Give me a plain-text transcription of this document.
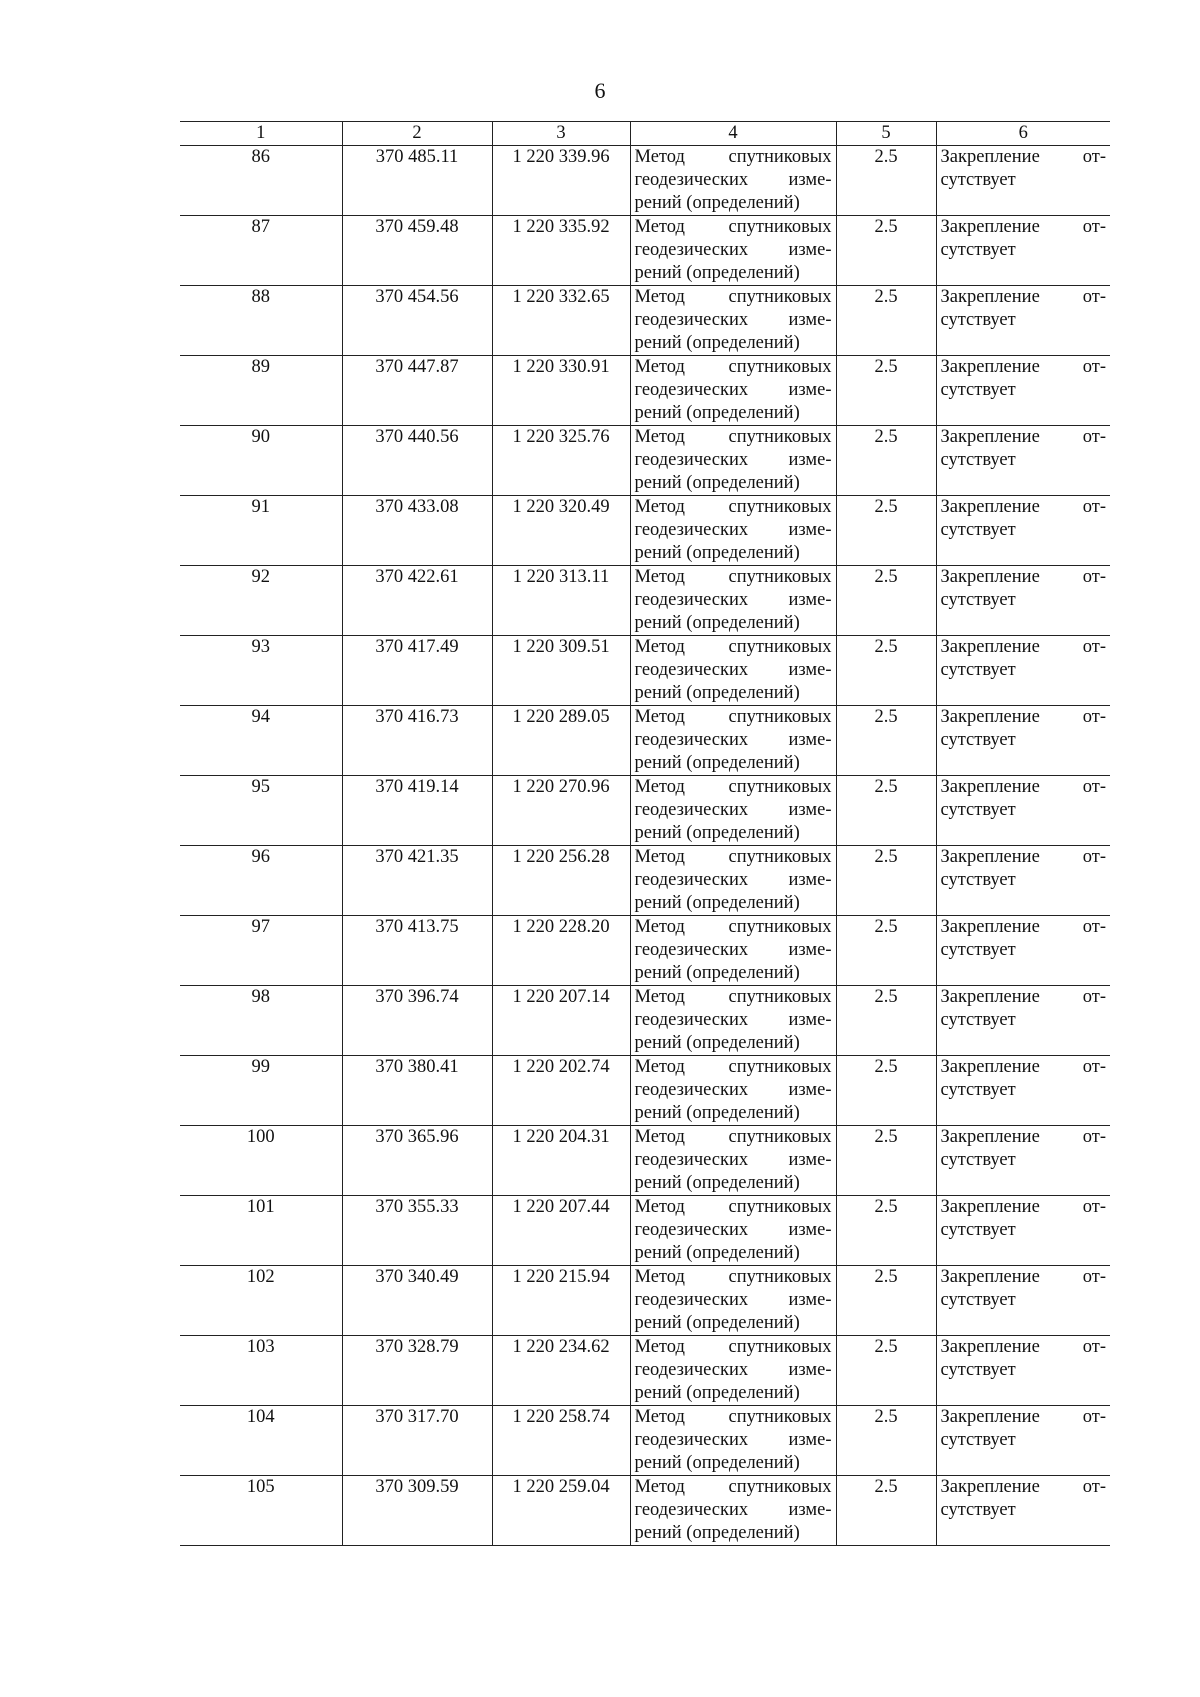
6
1	2	3	4	5	6
86	370 485.11	1 220 339.96	Метод спутниковых геодезических изме-рений (определений)	2.5	Закрепление от-сутствует
87	370 459.48	1 220 335.92	Метод спутниковых геодезических изме-рений (определений)	2.5	Закрепление от-сутствует
88	370 454.56	1 220 332.65	Метод спутниковых геодезических изме-рений (определений)	2.5	Закрепление от-сутствует
89	370 447.87	1 220 330.91	Метод спутниковых геодезических изме-рений (определений)	2.5	Закрепление от-сутствует
90	370 440.56	1 220 325.76	Метод спутниковых геодезических изме-рений (определений)	2.5	Закрепление от-сутствует
91	370 433.08	1 220 320.49	Метод спутниковых геодезических изме-рений (определений)	2.5	Закрепление от-сутствует
92	370 422.61	1 220 313.11	Метод спутниковых геодезических изме-рений (определений)	2.5	Закрепление от-сутствует
93	370 417.49	1 220 309.51	Метод спутниковых геодезических изме-рений (определений)	2.5	Закрепление от-сутствует
94	370 416.73	1 220 289.05	Метод спутниковых геодезических изме-рений (определений)	2.5	Закрепление от-сутствует
95	370 419.14	1 220 270.96	Метод спутниковых геодезических изме-рений (определений)	2.5	Закрепление от-сутствует
96	370 421.35	1 220 256.28	Метод спутниковых геодезических изме-рений (определений)	2.5	Закрепление от-сутствует
97	370 413.75	1 220 228.20	Метод спутниковых геодезических изме-рений (определений)	2.5	Закрепление от-сутствует
98	370 396.74	1 220 207.14	Метод спутниковых геодезических изме-рений (определений)	2.5	Закрепление от-сутствует
99	370 380.41	1 220 202.74	Метод спутниковых геодезических изме-рений (определений)	2.5	Закрепление от-сутствует
100	370 365.96	1 220 204.31	Метод спутниковых геодезических изме-рений (определений)	2.5	Закрепление от-сутствует
101	370 355.33	1 220 207.44	Метод спутниковых геодезических изме-рений (определений)	2.5	Закрепление от-сутствует
102	370 340.49	1 220 215.94	Метод спутниковых геодезических изме-рений (определений)	2.5	Закрепление от-сутствует
103	370 328.79	1 220 234.62	Метод спутниковых геодезических изме-рений (определений)	2.5	Закрепление от-сутствует
104	370 317.70	1 220 258.74	Метод спутниковых геодезических изме-рений (определений)	2.5	Закрепление от-сутствует
105	370 309.59	1 220 259.04	Метод спутниковых геодезических изме-рений (определений)	2.5	Закрепление от-сутствует
